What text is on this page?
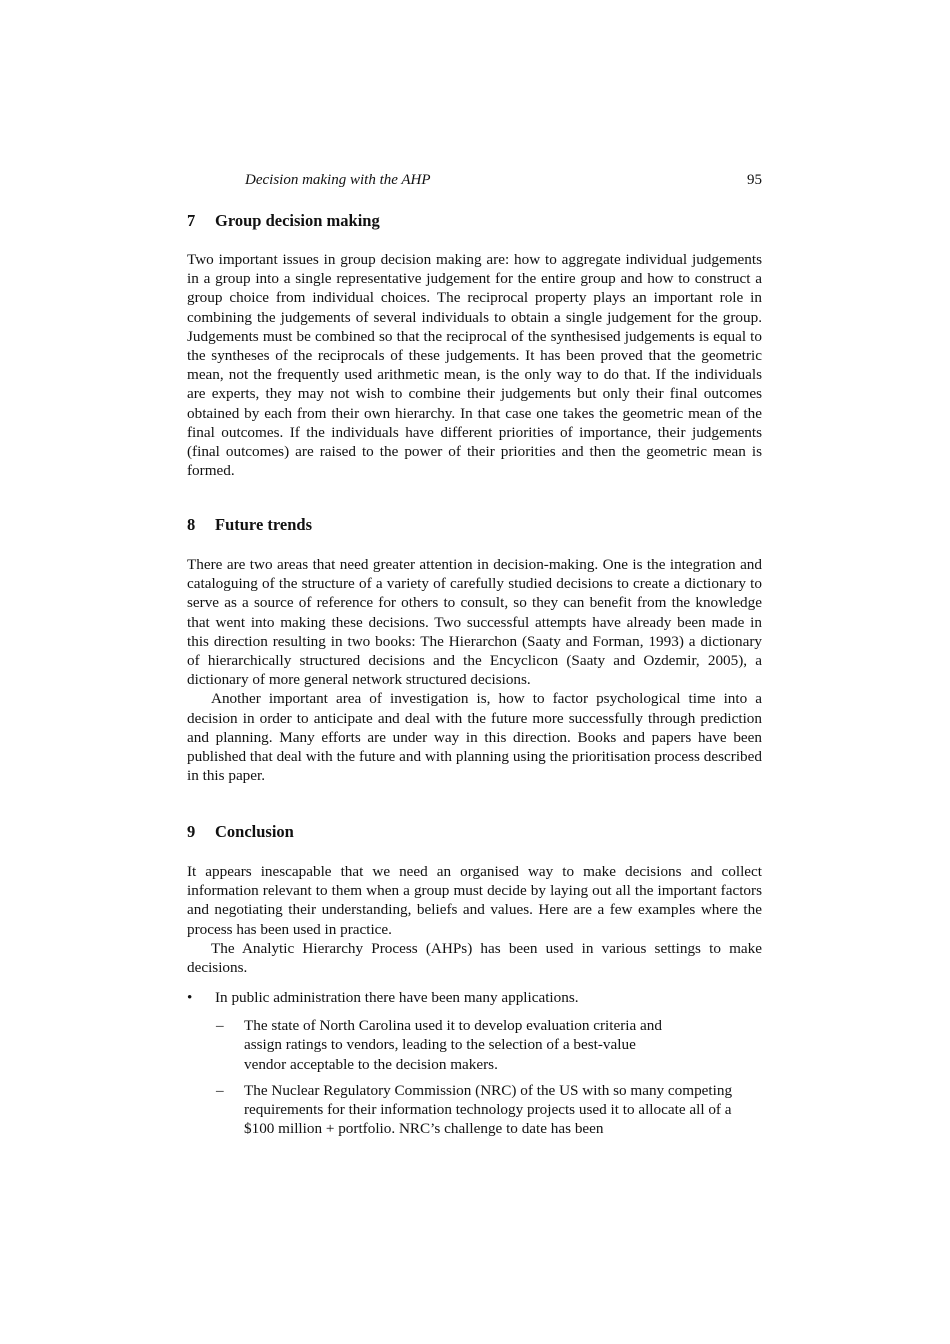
Decision making with the AHP	95
7 Group decision making

Two important issues in group decision making are: how to aggregate individual judgements in a group into a single representative judgement for the entire group and how to construct a group choice from individual choices. The reciprocal property plays an important role in combining the judgements of several individuals to obtain a single judgement for the group. Judgements must be combined so that the reciprocal of the synthesised judgements is equal to the syntheses of the reciprocals of these judgements. It has been proved that the geometric mean, not the frequently used arithmetic mean, is the only way to do that. If the individuals are experts, they may not wish to combine their judgements but only their final outcomes obtained by each from their own hierarchy. In that case one takes the geometric mean of the final outcomes. If the individuals have different priorities of importance, their judgements (final outcomes) are raised to the power of their priorities and then the geometric mean is formed.

8 Future trends

There are two areas that need greater attention in decision-making. One is the integration and cataloguing of the structure of a variety of carefully studied decisions to create a dictionary to serve as a source of reference for others to consult, so they can benefit from the knowledge that went into making these decisions. Two successful attempts have already been made in this direction resulting in two books: The Hierarchon (Saaty and Forman, 1993) a dictionary of hierarchically structured decisions and the Encyclicon (Saaty and Ozdemir, 2005), a dictionary of more general network structured decisions.

Another important area of investigation is, how to factor psychological time into a decision in order to anticipate and deal with the future more successfully through prediction and planning. Many efforts are under way in this direction. Books and papers have been published that deal with the future and with planning using the prioritisation process described in this paper.

9 Conclusion

It appears inescapable that we need an organised way to make decisions and collect information relevant to them when a group must decide by laying out all the important factors and negotiating their understanding, beliefs and values. Here are a few examples where the process has been used in practice.

The Analytic Hierarchy Process (AHPs) has been used in various settings to make decisions.

• In public administration there have been many applications.
– The state of North Carolina used it to develop evaluation criteria and assign ratings to vendors, leading to the selection of a best-value vendor acceptable to the decision makers.
– The Nuclear Regulatory Commission (NRC) of the US with so many competing requirements for their information technology projects used it to allocate all of a $100 million + portfolio. NRC’s challenge to date has been
